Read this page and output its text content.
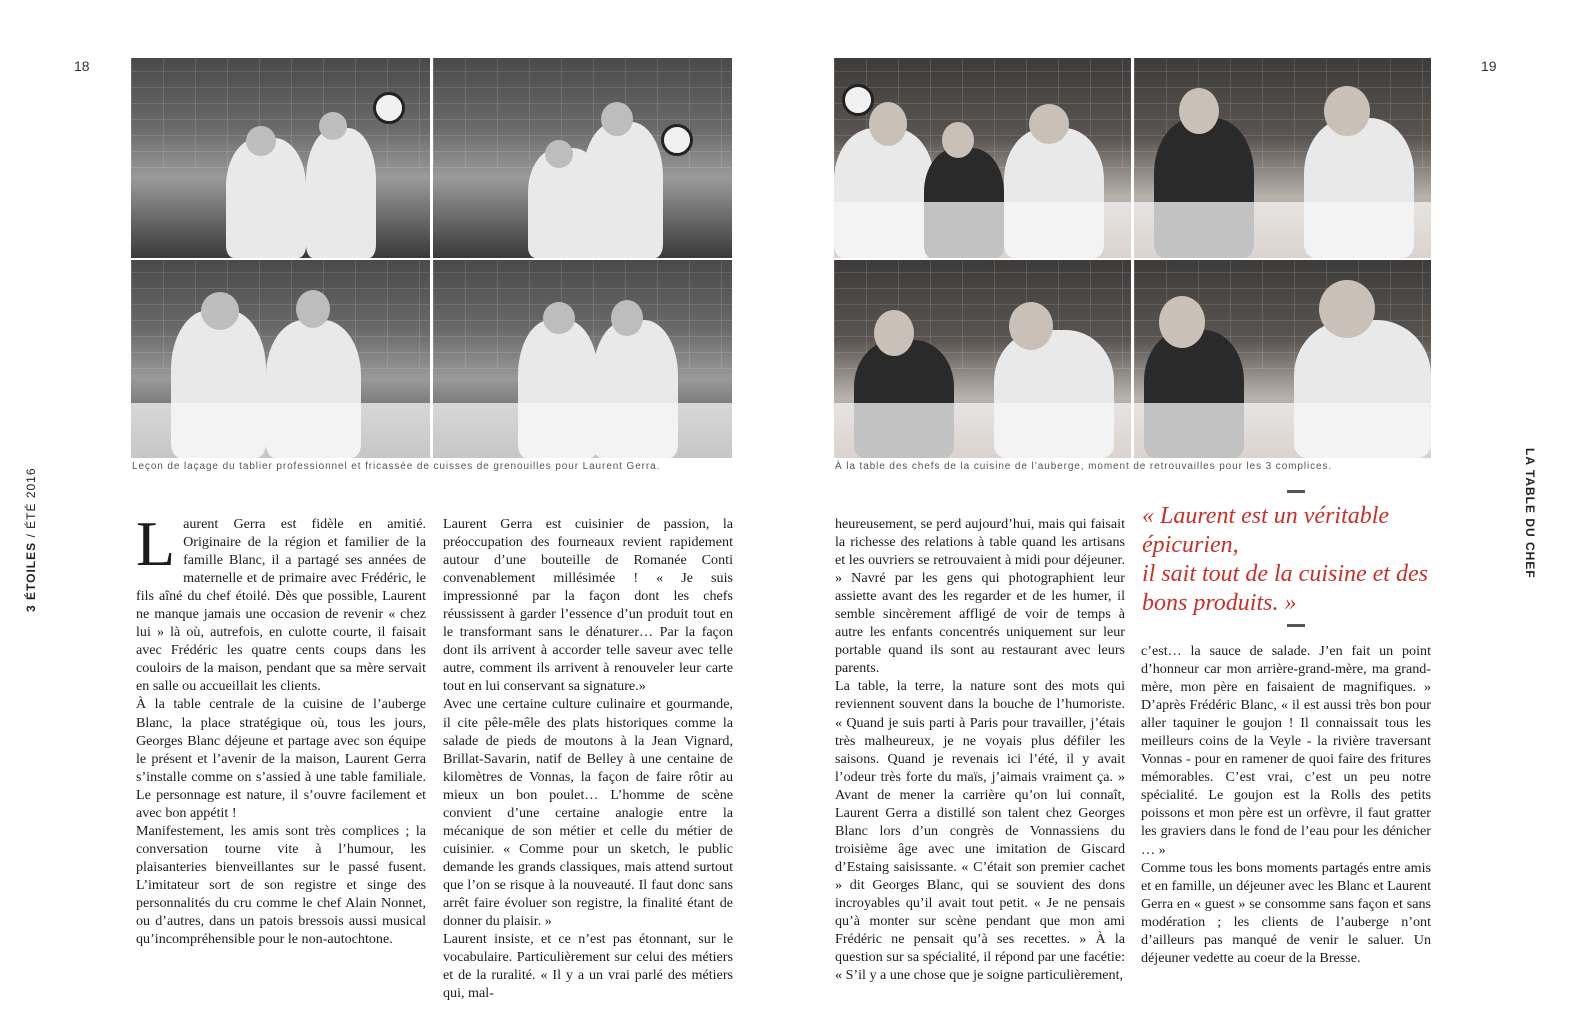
18	19
3 ÉTOILES / ÉTÉ 2016	LA TABLE DU CHEF
Leçon de laçage du tablier professionnel et fricassée de cuisses de grenouilles pour Laurent Gerra.	À la table des chefs de la cuisine de l’auberge, moment de retrouvailles pour les 3 complices.

Laurent Gerra est fidèle en amitié. Originaire de la région et familier de la famille Blanc, il a partagé ses années de maternelle et de primaire avec Frédéric, le fils aîné du chef étoilé. Dès que possible, Laurent ne manque jamais une occasion de revenir « chez lui » là où, autrefois, en culotte courte, il faisait avec Frédéric les quatre cents coups dans les couloirs de la maison, pendant que sa mère servait en salle ou accueillait les clients.

À la table centrale de la cuisine de l’auberge Blanc, la place stratégique où, tous les jours, Georges Blanc déjeune et partage avec son équipe le présent et l’avenir de la maison, Laurent Gerra s’installe comme on s’assied à une table familiale. Le personnage est nature, il s’ouvre facilement et avec bon appétit !

Manifestement, les amis sont très complices ; la conversation tourne vite à l’humour, les plaisanteries bienveillantes sur le passé fusent. L’imitateur sort de son registre et singe des personnalités du cru comme le chef Alain Nonnet, ou d’autres, dans un patois bressois aussi musical qu’incompréhensible pour le non-autochtone.

Laurent Gerra est cuisinier de passion, la préoccupation des fourneaux revient rapidement autour d’une bouteille de Romanée Conti convenablement millésimée ! « Je suis impressionné par la façon dont les chefs réussissent à garder l’essence d’un produit tout en le transformant sans le dénaturer… Par la façon dont ils arrivent à accorder telle saveur avec telle autre, comment ils arrivent à renouveler leur carte tout en lui conservant sa signature.»

Avec une certaine culture culinaire et gourmande, il cite pêle-mêle des plats historiques comme la salade de pieds de moutons à la Jean Vignard, Brillat-Savarin, natif de Belley à une centaine de kilomètres de Vonnas, la façon de faire rôtir au mieux un bon poulet… L’homme de scène convient d’une certaine analogie entre la mécanique de son métier et celle du métier de cuisinier. « Comme pour un sketch, le public demande les grands classiques, mais attend surtout que l’on se risque à la nouveauté. Il faut donc sans arrêt faire évoluer son registre, la finalité étant de donner du plaisir. »

Laurent insiste, et ce n’est pas étonnant, sur le vocabulaire. Particulièrement sur celui des métiers et de la ruralité. « Il y a un vrai parlé des métiers qui, mal-

heureusement, se perd aujourd’hui, mais qui faisait la richesse des relations à table quand les artisans et les ouvriers se retrouvaient à midi pour déjeuner. » Navré par les gens qui photographient leur assiette avant des les regarder et de les humer, il semble sincèrement affligé de voir de temps à autre les enfants concentrés uniquement sur leur portable quand ils sont au restaurant avec leurs parents.

La table, la terre, la nature sont des mots qui reviennent souvent dans la bouche de l’humoriste. « Quand je suis parti à Paris pour travailler, j’étais très malheureux, je ne voyais plus défiler les saisons. Quand je revenais ici l’été, il y avait l’odeur très forte du maïs, j’aimais vraiment ça. » Avant de mener la carrière qu’on lui connaît, Laurent Gerra a distillé son talent chez Georges Blanc lors d’un congrès de Vonnassiens du troisième âge avec une imitation de Giscard d’Estaing saisissante. « C’était son premier cachet » dit Georges Blanc, qui se souvient des dons incroyables qu’il avait tout petit. « Je ne pensais qu’à monter sur scène pendant que mon ami Frédéric ne pensait qu’à ses recettes. » À la question sur sa spécialité, il répond par une facétie: « S’il y a une chose que je soigne particulièrement,

« Laurent est un véritable
épicurien,
il sait tout de la cuisine et des
bons produits. »

c’est… la sauce de salade. J’en fait un point d’honneur car mon arrière-grand-mère, ma grand-mère, mon père en faisaient de magnifiques. » D’après Frédéric Blanc, « il est aussi très bon pour aller taquiner le goujon ! Il connaissait tous les meilleurs coins de la Veyle - la rivière traversant Vonnas - pour en ramener de quoi faire des fritures mémorables. C’est vrai, c’est un peu notre spécialité. Le goujon est la Rolls des petits poissons et mon père est un orfèvre, il faut gratter les graviers dans le fond de l’eau pour les dénicher … »

Comme tous les bons moments partagés entre amis et en famille, un déjeuner avec les Blanc et Laurent Gerra en « guest » se consomme sans façon et sans modération ; les clients de l’auberge n’ont d’ailleurs pas manqué de venir le saluer. Un déjeuner vedette au coeur de la Bresse.
